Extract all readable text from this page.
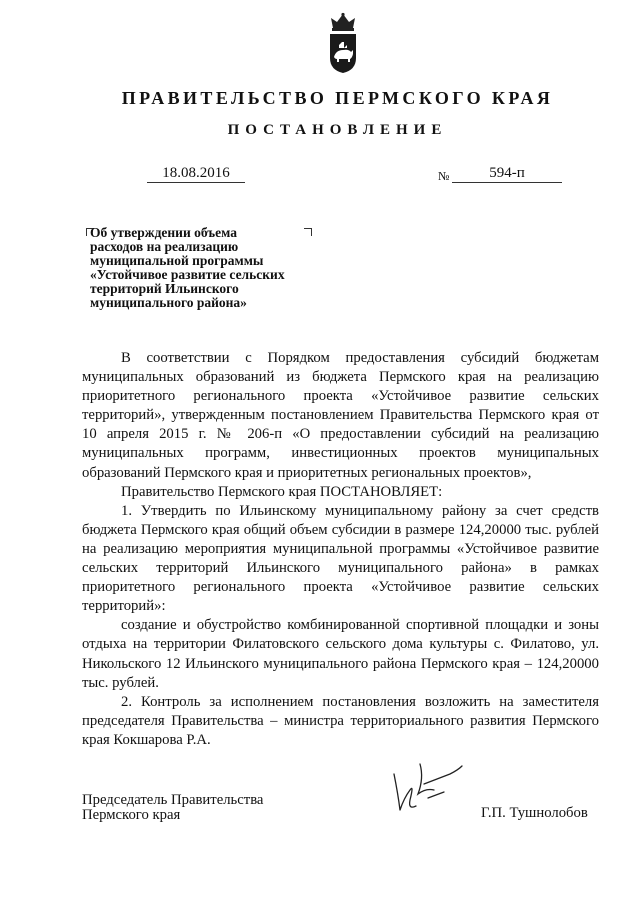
ПРАВИТЕЛЬСТВО ПЕРМСКОГО КРАЯ
ПОСТАНОВЛЕНИЕ
18.08.2016	№	594-п
Об утверждении объема
расходов на реализацию
муниципальной программы
«Устойчивое развитие сельских
территорий Ильинского
муниципального района»

В соответствии с Порядком предоставления субсидий бюджетам муниципальных образований из бюджета Пермского края на реализацию приоритетного регионального проекта «Устойчивое развитие сельских территорий», утвержденным постановлением Правительства Пермского края от 10 апреля 2015 г. № 206-п «О предоставлении субсидий на реализацию муниципальных программ, инвестиционных проектов муниципальных образований Пермского края и приоритетных региональных проектов»,

Правительство Пермского края ПОСТАНОВЛЯЕТ:

1. Утвердить по Ильинскому муниципальному району за счет средств бюджета Пермского края общий объем субсидии в размере 124,20000 тыс. рублей на реализацию мероприятия муниципальной программы «Устойчивое развитие сельских территорий Ильинского муниципального района» в рамках приоритетного регионального проекта «Устойчивое развитие сельских территорий»:

создание и обустройство комбинированной спортивной площадки и зоны отдыха на территории Филатовского сельского дома культуры с. Филатово, ул. Никольского 12 Ильинского муниципального района Пермского края – 124,20000 тыс. рублей.

2. Контроль за исполнением постановления возложить на заместителя председателя Правительства – министра территориального развития Пермского края Кокшарова Р.А.

Председатель Правительства
Пермского края	Г.П. Тушнолобов
